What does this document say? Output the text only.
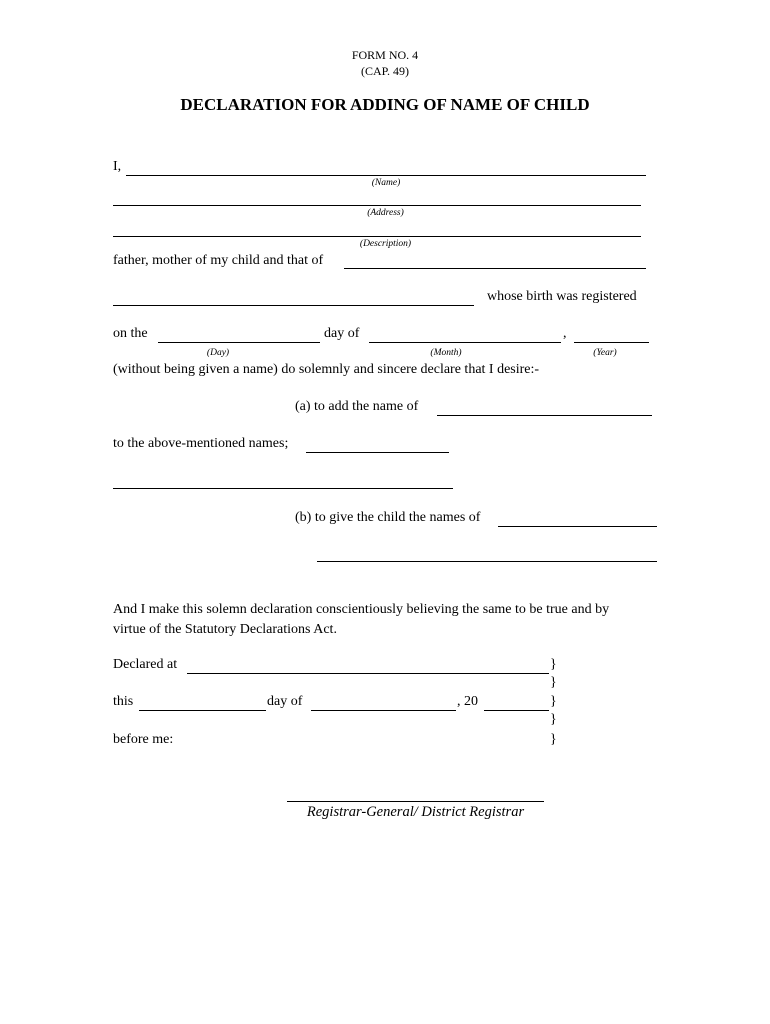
FORM NO. 4
(CAP. 49)
DECLARATION FOR ADDING OF NAME OF CHILD
I,
(Name)
(Address)
(Description)
father, mother of my child and that of
whose birth was registered
on the	day of	,
(Day)	(Month)	(Year)
(without being given a name) do solemnly and sincere declare that I desire:-
(a) to add the name of
to the above-mentioned names;
(b) to give the child the names of
And I make this solemn declaration conscientiously believing the same to be true and by
virtue of the Statutory Declarations Act.
Declared at	}
}
this	day of	, 20	}
}
before me:	}
Registrar-General/ District Registrar
